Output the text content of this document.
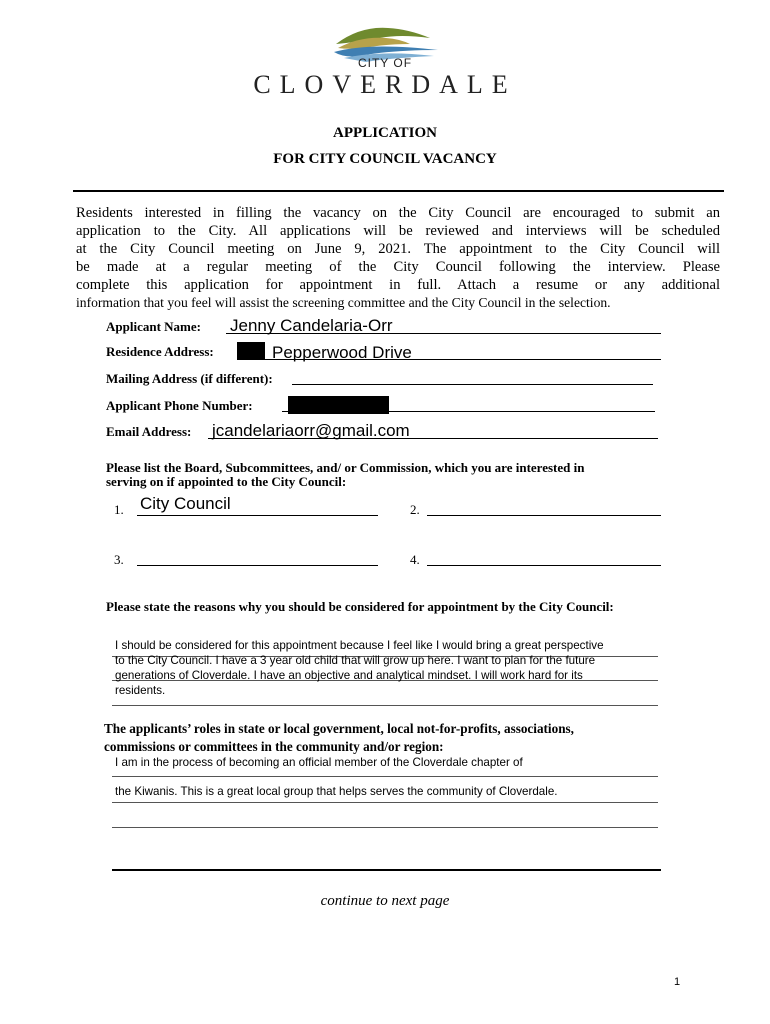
CITY OF
CLOVERDALE
APPLICATION
FOR CITY COUNCIL VACANCY
Residents interested in filling the vacancy on the City Council are encouraged to submit an
application to the City. All applications will be reviewed and interviews will be scheduled
at the City Council meeting on June 9, 2021. The appointment to the City Council will
be made at a regular meeting of the City Council following the interview. Please
complete this application for appointment in full. Attach a resume or any additional
information that you feel will assist the screening committee and the City Council in the selection.
Applicant Name: Jenny Candelaria-Orr
Residence Address:	Pepperwood Drive
Mailing Address (if different):
Applicant Phone Number:
Email Address: jcandelariaorr@gmail.com
Please list the Board, Subcommittees, and/ or Commission, which you are interested in
serving on if appointed to the City Council:
1. City Council	2.
3.	4.
Please state the reasons why you should be considered for appointment by the City Council:
I should be considered for this appointment because I feel like I would bring a great perspective
to the City Council. I have a 3 year old child that will grow up here. I want to plan for the future
generations of Cloverdale. I have an objective and analytical mindset. I will work hard for its
residents.
The applicants’ roles in state or local government, local not-for-profits, associations,
commissions or committees in the community and/or region:
I am in the process of becoming an official member of the Cloverdale chapter of
the Kiwanis. This is a great local group that helps serves the community of Cloverdale.
continue to next page
1
